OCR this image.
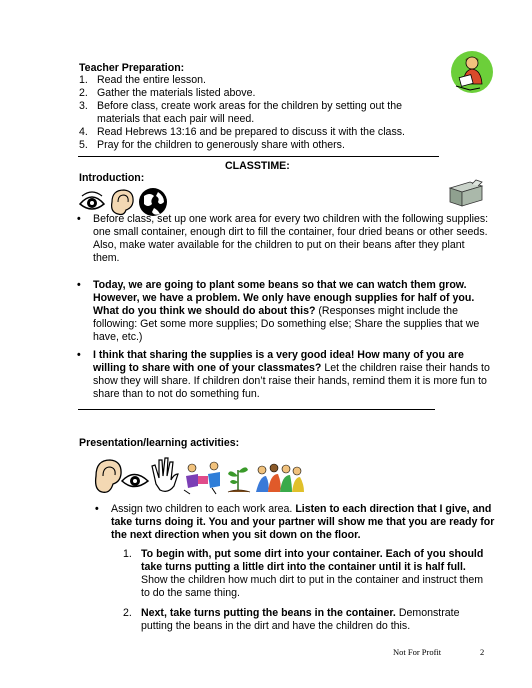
Teacher Preparation:
1. Read the entire lesson.
2. Gather the materials listed above.
3. Before class, create work areas for the children by setting out the materials that each pair will need.
4. Read Hebrews 13:16 and be prepared to discuss it with the class.
5. Pray for the children to generously share with others.
CLASSTIME:
Introduction:
•	Before class, set up one work area for every two children with the following supplies: one small container, enough dirt to fill the container, four dried beans or other seeds. Also, make water available for the children to put on their beans after they plant them.
•	Today, we are going to plant some beans so that we can watch them grow. However, we have a problem. We only have enough supplies for half of you. What do you think we should do about this? (Responses might include the following: Get some more supplies; Do something else; Share the supplies that we have, etc.)
•	I think that sharing the supplies is a very good idea! How many of you are willing to share with one of your classmates? Let the children raise their hands to show they will share. If children don’t raise their hands, remind them it is more fun to share than to not do something fun.
Presentation/learning activities:
•	Assign two children to each work area. Listen to each direction that I give, and take turns doing it. You and your partner will show me that you are ready for the next direction when you sit down on the floor.
1. To begin with, put some dirt into your container. Each of you should take turns putting a little dirt into the container until it is half full. Show the children how much dirt to put in the container and instruct them to do the same thing.
2. Next, take turns putting the beans in the container. Demonstrate putting the beans in the dirt and have the children do this.
Not For Profit	2
